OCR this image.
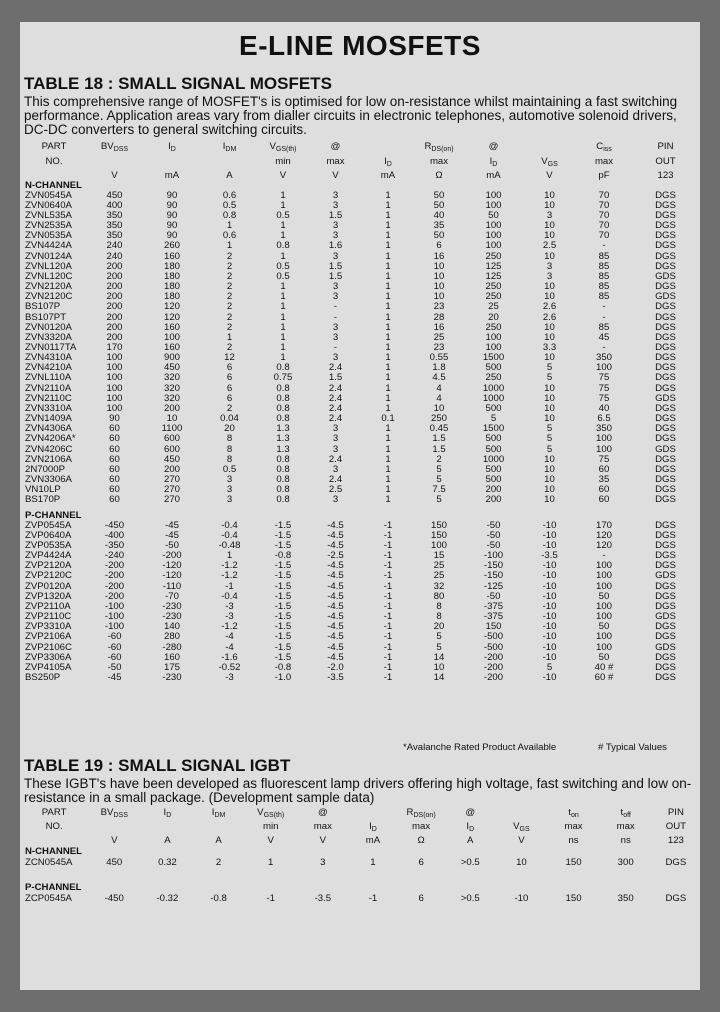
E-LINE MOSFETS
TABLE 18 : SMALL SIGNAL MOSFETS
This comprehensive range of MOSFET's is optimised for low on-resistance whilst maintaining a fast switching performance. Application areas vary from dialler circuits in electronic telephones, automotive solenoid drivers, DC-DC converters to general switching circuits.
PART	$BV_{DSS}$	$I_D$	$I_{DM}$	$V_{GS(th)}$	@		$R_{DS(on)}$	@		$C_{iss}$	PIN
NO.				min	max	$I_D$	max	$I_D$	$V_{GS}$	max	OUT
	V	mA	A	V	V	mA	Ω	mA	V	pF	123
N-CHANNEL											
ZVN0545A	450	90	0.6	1	3	1	50	100	10	70	DGS
ZVN0640A	400	90	0.5	1	3	1	50	100	10	70	DGS
ZVNL535A	350	90	0.8	0.5	1.5	1	40	50	3	70	DGS
ZVN2535A	350	90	1	1	3	1	35	100	10	70	DGS
ZVN0535A	350	90	0.6	1	3	1	50	100	10	70	DGS
ZVN4424A	240	260	1	0.8	1.6	1	6	100	2.5	-	DGS
ZVN0124A	240	160	2	1	3	1	16	250	10	85	DGS
ZVNL120A	200	180	2	0.5	1.5	1	10	125	3	85	DGS
ZVNL120C	200	180	2	0.5	1.5	1	10	125	3	85	GDS
ZVN2120A	200	180	2	1	3	1	10	250	10	85	DGS
ZVN2120C	200	180	2	1	3	1	10	250	10	85	GDS
BS107P	200	120	2	1	-	1	23	25	2.6	-	DGS
BS107PT	200	120	2	1	-	1	28	20	2.6	-	DGS
ZVN0120A	200	160	2	1	3	1	16	250	10	85	DGS
ZVN3320A	200	100	1	1	3	1	25	100	10	45	DGS
ZVN0117TA	170	160	2	1	-	1	23	100	3.3	-	DGS
ZVN4310A	100	900	12	1	3	1	0.55	1500	10	350	DGS
ZVN4210A	100	450	6	0.8	2.4	1	1.8	500	5	100	DGS
ZVNL110A	100	320	6	0.75	1.5	1	4.5	250	5	75	DGS
ZVN2110A	100	320	6	0.8	2.4	1	4	1000	10	75	DGS
ZVN2110C	100	320	6	0.8	2.4	1	4	1000	10	75	GDS
ZVN3310A	100	200	2	0.8	2.4	1	10	500	10	40	DGS
ZVN1409A	90	10	0.04	0.8	2.4	0.1	250	5	10	6.5	DGS
ZVN4306A	60	1100	20	1.3	3	1	0.45	1500	5	350	DGS
ZVN4206A*	60	600	8	1.3	3	1	1.5	500	5	100	DGS
ZVN4206C	60	600	8	1.3	3	1	1.5	500	5	100	GDS
ZVN2106A	60	450	8	0.8	2.4	1	2	1000	10	75	DGS
2N7000P	60	200	0.5	0.8	3	1	5	500	10	60	DGS
ZVN3306A	60	270	3	0.8	2.4	1	5	500	10	35	DGS
VN10LP	60	270	3	0.8	2.5	1	7.5	200	10	60	DGS
BS170P	60	270	3	0.8	3	1	5	200	10	60	DGS

P-CHANNEL											
ZVP0545A	-450	-45	-0.4	-1.5	-4.5	-1	150	-50	-10	170	DGS
ZVP0640A	-400	-45	-0.4	-1.5	-4.5	-1	150	-50	-10	120	DGS
ZVP0535A	-350	-50	-0.48	-1.5	-4.5	-1	100	-50	-10	120	DGS
ZVP4424A	-240	-200	1	-0.8	-2.5	-1	15	-100	-3.5	-	DGS
ZVP2120A	-200	-120	-1.2	-1.5	-4.5	-1	25	-150	-10	100	DGS
ZVP2120C	-200	-120	-1.2	-1.5	-4.5	-1	25	-150	-10	100	GDS
ZVP0120A	-200	-110	-1	-1.5	-4.5	-1	32	-125	-10	100	DGS
ZVP1320A	-200	-70	-0.4	-1.5	-4.5	-1	80	-50	-10	50	DGS
ZVP2110A	-100	-230	-3	-1.5	-4.5	-1	8	-375	-10	100	DGS
ZVP2110C	-100	-230	-3	-1.5	-4.5	-1	8	-375	-10	100	GDS
ZVP3310A	-100	140	-1.2	-1.5	-4.5	-1	20	150	-10	50	DGS
ZVP2106A	-60	280	-4	-1.5	-4.5	-1	5	-500	-10	100	DGS
ZVP2106C	-60	-280	-4	-1.5	-4.5	-1	5	-500	-10	100	GDS
ZVP3306A	-60	160	-1.6	-1.5	-4.5	-1	14	-200	-10	50	DGS
ZVP4105A	-50	175	-0.52	-0.8	-2.0	-1	10	-200	5	40 #	DGS
BS250P	-45	-230	-3	-1.0	-3.5	-1	14	-200	-10	60 #	DGS
*Avalanche Rated Product Available	# Typical Values
TABLE 19 : SMALL SIGNAL IGBT
These IGBT's have been developed as fluorescent lamp drivers offering high voltage, fast switching and low on-resistance in a small package. (Development sample data)
PART	$BV_{DSS}$	$I_D$	$I_{DM}$	$V_{GS(th)}$	@		$R_{DS(on)}$	@		$t_{on}$	$t_{off}$	PIN
NO.				min	max	$I_D$	max	$I_D$	$V_{GS}$	max	max	OUT
	V	A	A	V	V	mA	Ω	A	V	ns	ns	123
N-CHANNEL												
ZCN0545A	450	0.32	2	1	3	1	6	>0.5	10	150	300	DGS

P-CHANNEL												
ZCP0545A	-450	-0.32	-0.8	-1	-3.5	-1	6	>0.5	-10	150	350	DGS
